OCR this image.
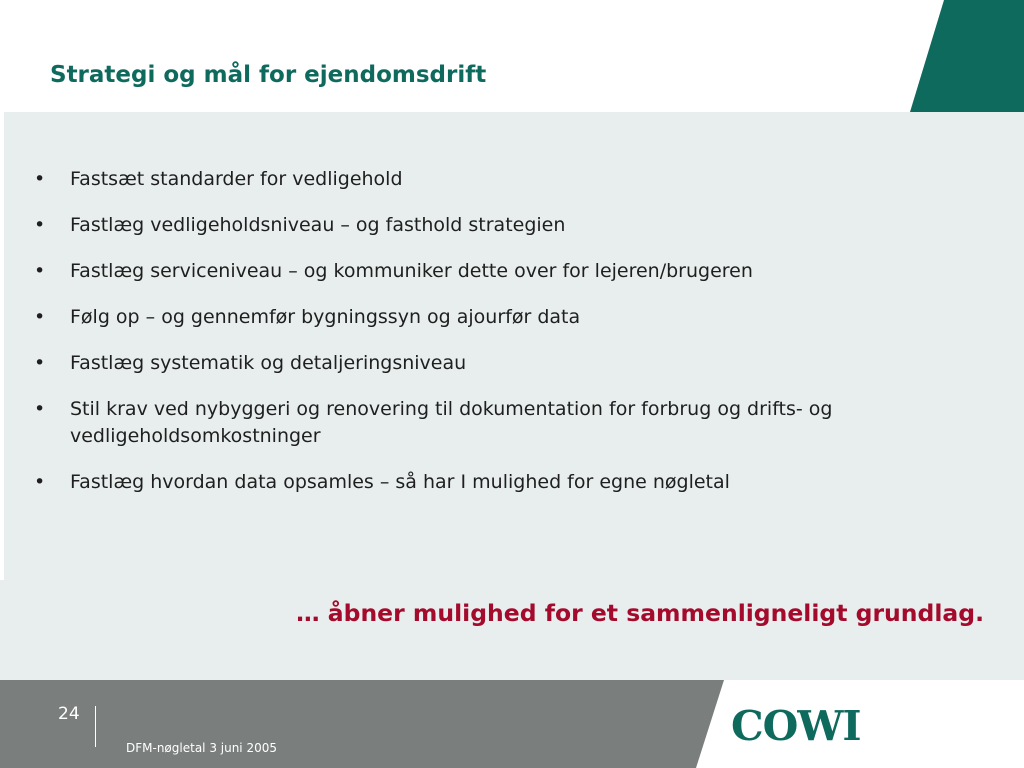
Strategi og mål for ejendomsdrift
• Fastsæt standarder for vedligehold
• Fastlæg vedligeholdsniveau – og fasthold strategien
• Fastlæg serviceniveau – og kommuniker dette over for lejeren/brugeren
• Følg op – og gennemfør bygningssyn og ajourfør data
• Fastlæg systematik og detaljeringsniveau
• Stil krav ved nybyggeri og renovering til dokumentation for forbrug og drifts- og vedligeholdsomkostninger
• Fastlæg hvordan data opsamles – så har I mulighed for egne nøgletal

… åbner mulighed for et sammenligneligt grundlag.

24
DFM-nøgletal 3 juni 2005	COWI
